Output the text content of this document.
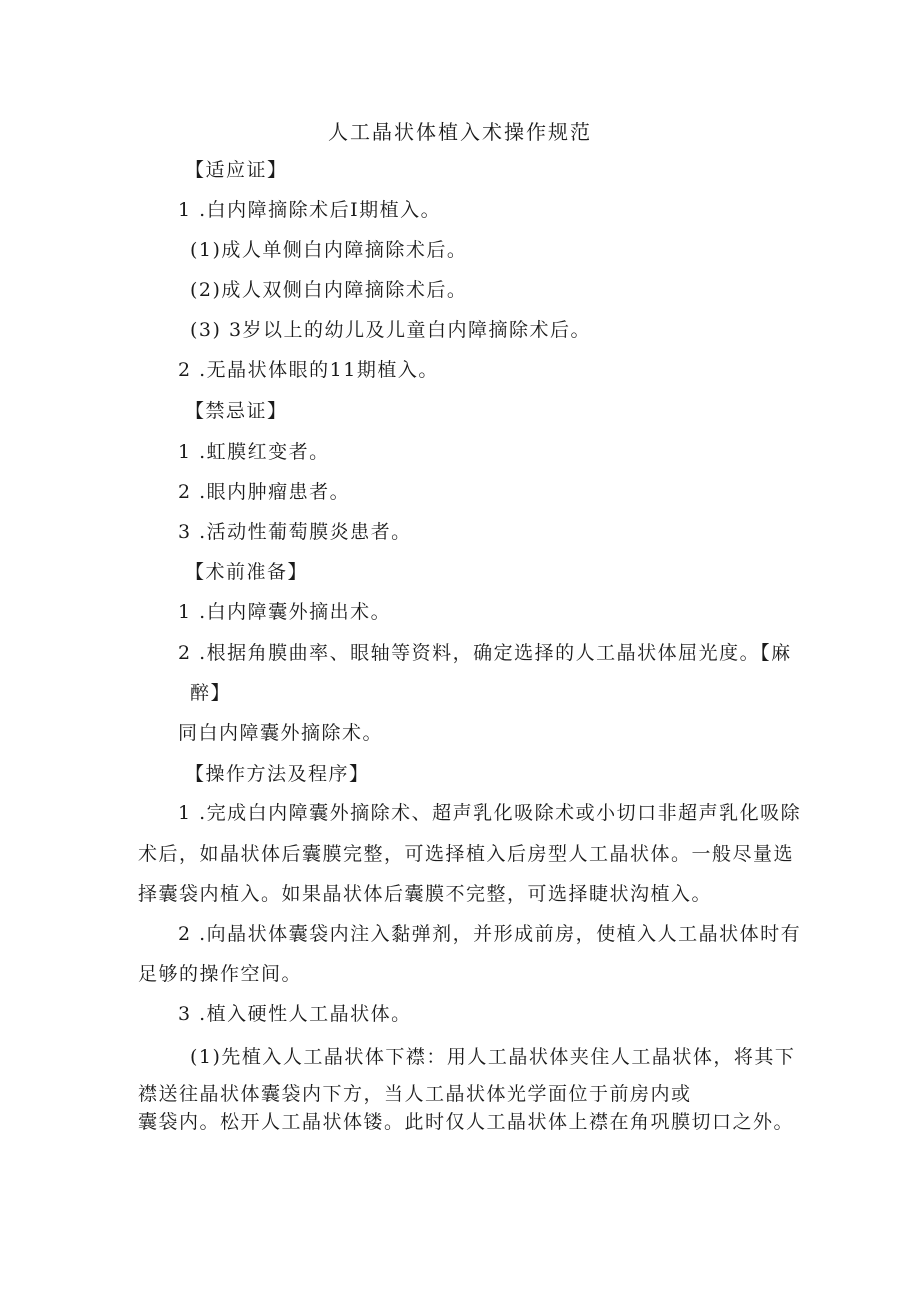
人工晶状体植入术操作规范
【适应证】
1 .白内障摘除术后I期植入。
(1)成人单侧白内障摘除术后。
(2)成人双侧白内障摘除术后。
(3) 3岁以上的幼儿及儿童白内障摘除术后。
2 .无晶状体眼的11期植入。
【禁忌证】
1 .虹膜红变者。
2 .眼内肿瘤患者。
3 .活动性葡萄膜炎患者。
【术前准备】
1 .白内障囊外摘出术。
2 .根据角膜曲率、眼轴等资料，确定选择的人工晶状体屈光度。【麻
醉】
同白内障囊外摘除术。
【操作方法及程序】
1 .完成白内障囊外摘除术、超声乳化吸除术或小切口非超声乳化吸除
术后，如晶状体后囊膜完整，可选择植入后房型人工晶状体。一般尽量选
择囊袋内植入。如果晶状体后囊膜不完整，可选择睫状沟植入。
2 .向晶状体囊袋内注入黏弹剂，并形成前房，使植入人工晶状体时有
足够的操作空间。
3 .植入硬性人工晶状体。
(1)先植入人工晶状体下襟：用人工晶状体夹住人工晶状体，将其下
襟送往晶状体囊袋内下方，当人工晶状体光学面位于前房内或
囊袋内。松开人工晶状体镂。此时仅人工晶状体上襟在角巩膜切口之外。
